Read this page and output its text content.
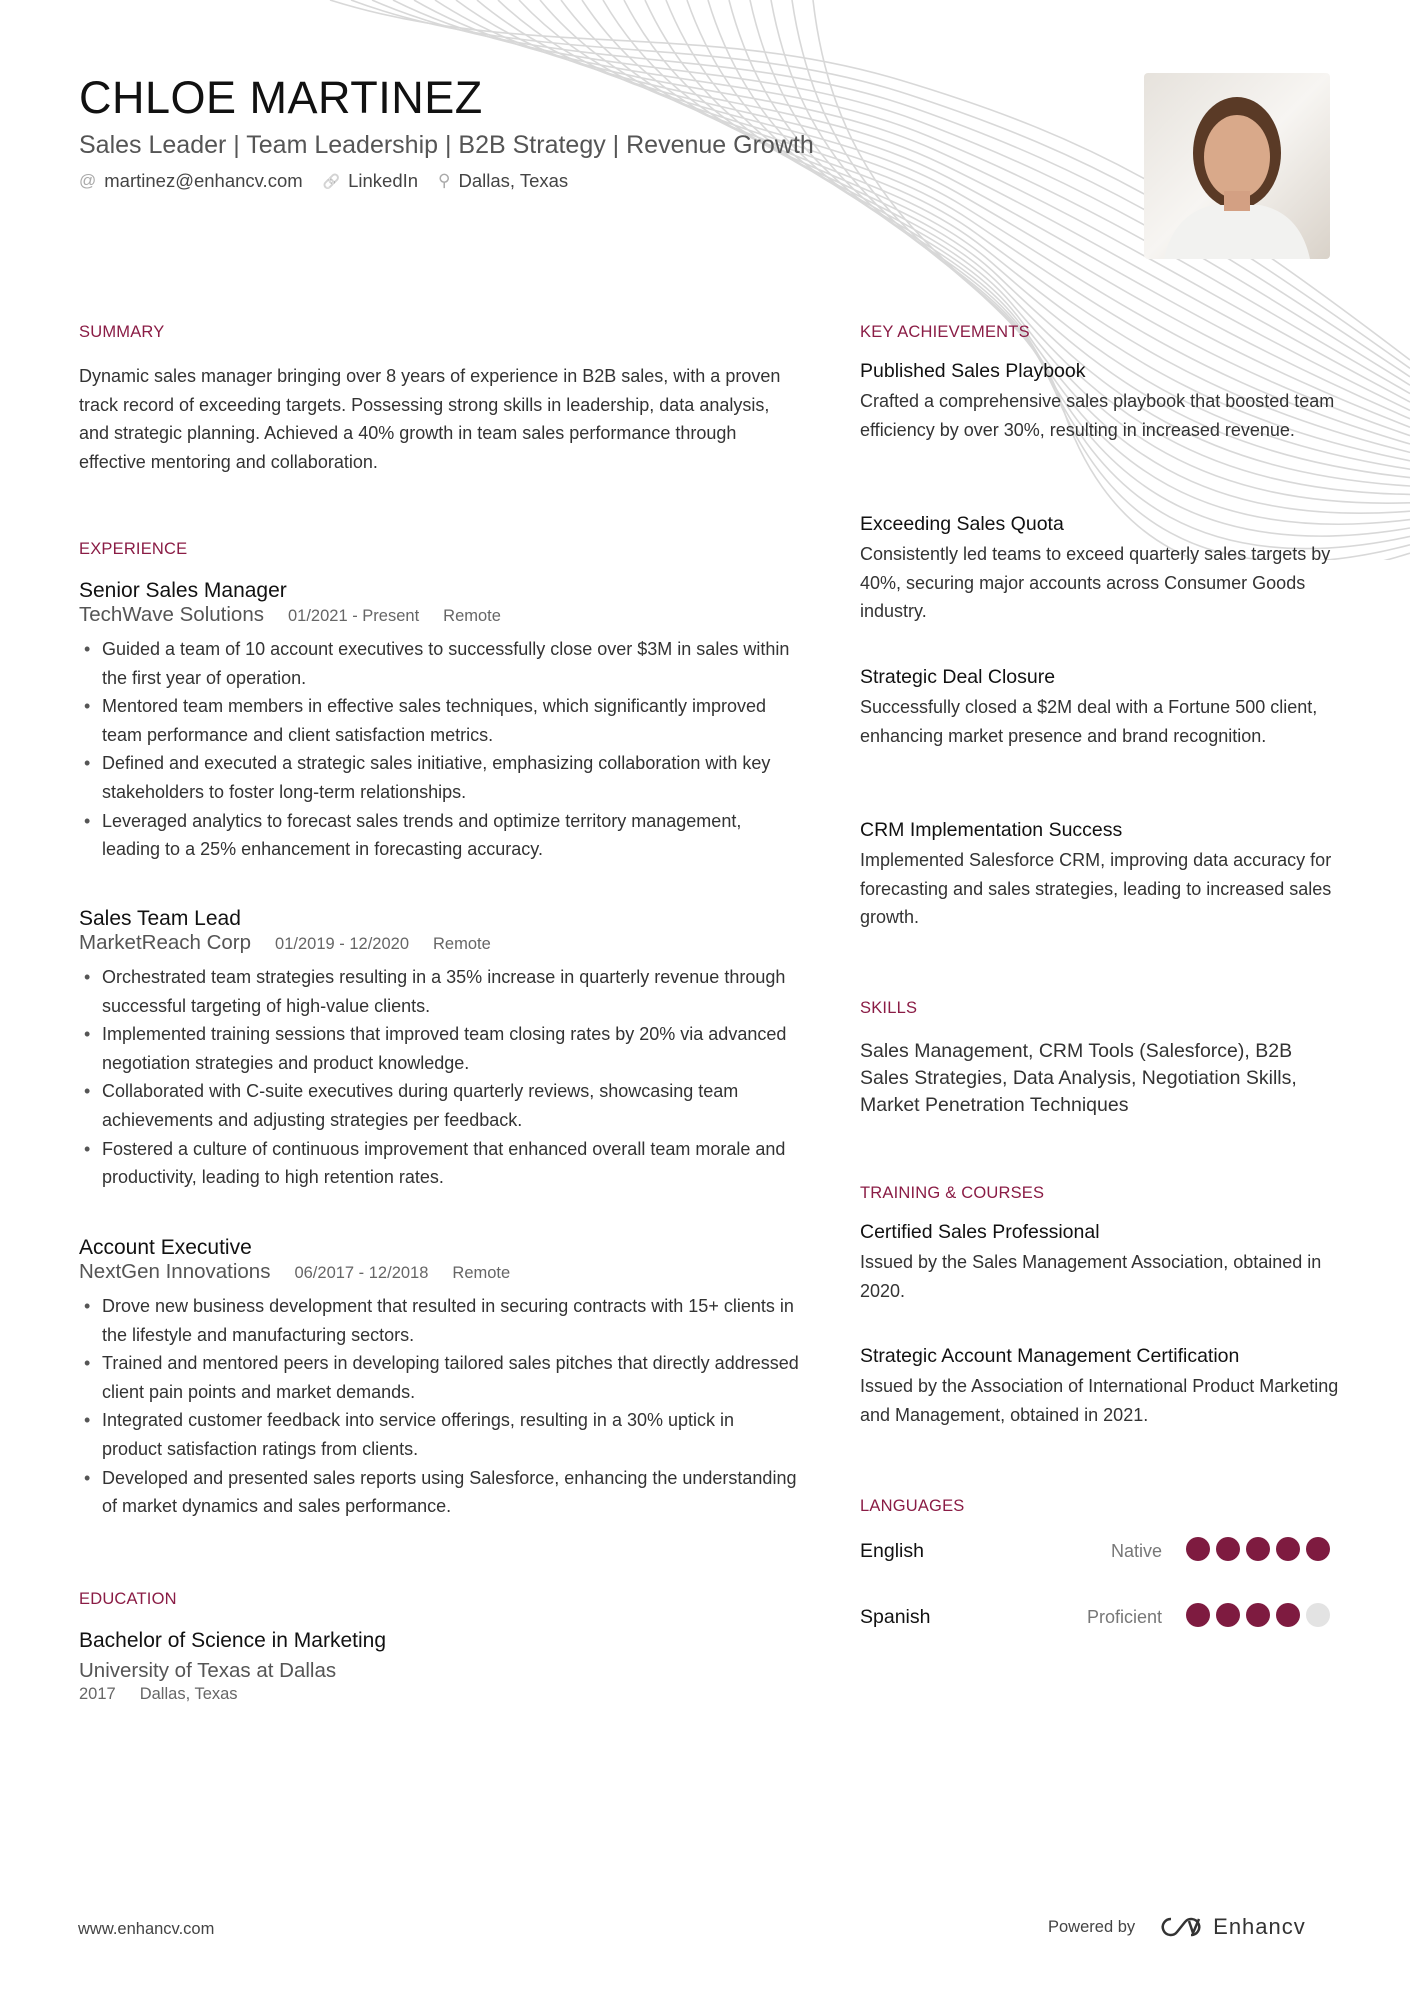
CHLOE MARTINEZ
Sales Leader | Team Leadership | B2B Strategy | Revenue Growth
@ martinez@enhancv.com 🔗 LinkedIn ⚲ Dallas, Texas
SUMMARY
Dynamic sales manager bringing over 8 years of experience in B2B sales, with a proven track record of exceeding targets. Possessing strong skills in leadership, data analysis, and strategic planning. Achieved a 40% growth in team sales performance through effective mentoring and collaboration.
EXPERIENCE
Senior Sales Manager
TechWave Solutions 01/2021 - Present Remote
• Guided a team of 10 account executives to successfully close over $3M in sales within the first year of operation.
• Mentored team members in effective sales techniques, which significantly improved team performance and client satisfaction metrics.
• Defined and executed a strategic sales initiative, emphasizing collaboration with key stakeholders to foster long-term relationships.
• Leveraged analytics to forecast sales trends and optimize territory management, leading to a 25% enhancement in forecasting accuracy.
Sales Team Lead
MarketReach Corp 01/2019 - 12/2020 Remote
• Orchestrated team strategies resulting in a 35% increase in quarterly revenue through successful targeting of high-value clients.
• Implemented training sessions that improved team closing rates by 20% via advanced negotiation strategies and product knowledge.
• Collaborated with C-suite executives during quarterly reviews, showcasing team achievements and adjusting strategies per feedback.
• Fostered a culture of continuous improvement that enhanced overall team morale and productivity, leading to high retention rates.
Account Executive
NextGen Innovations 06/2017 - 12/2018 Remote
• Drove new business development that resulted in securing contracts with 15+ clients in the lifestyle and manufacturing sectors.
• Trained and mentored peers in developing tailored sales pitches that directly addressed client pain points and market demands.
• Integrated customer feedback into service offerings, resulting in a 30% uptick in product satisfaction ratings from clients.
• Developed and presented sales reports using Salesforce, enhancing the understanding of market dynamics and sales performance.
EDUCATION
Bachelor of Science in Marketing
University of Texas at Dallas
2017 Dallas, Texas
KEY ACHIEVEMENTS
Published Sales Playbook
Crafted a comprehensive sales playbook that boosted team efficiency by over 30%, resulting in increased revenue.
Exceeding Sales Quota
Consistently led teams to exceed quarterly sales targets by 40%, securing major accounts across Consumer Goods industry.
Strategic Deal Closure
Successfully closed a $2M deal with a Fortune 500 client, enhancing market presence and brand recognition.
CRM Implementation Success
Implemented Salesforce CRM, improving data accuracy for forecasting and sales strategies, leading to increased sales growth.
SKILLS
Sales Management, CRM Tools (Salesforce), B2B Sales Strategies, Data Analysis, Negotiation Skills, Market Penetration Techniques
TRAINING & COURSES
Certified Sales Professional
Issued by the Sales Management Association, obtained in 2020.
Strategic Account Management Certification
Issued by the Association of International Product Marketing and Management, obtained in 2021.
LANGUAGES
English	Native
Spanish	Proficient
www.enhancv.com	Powered by	Enhancv
